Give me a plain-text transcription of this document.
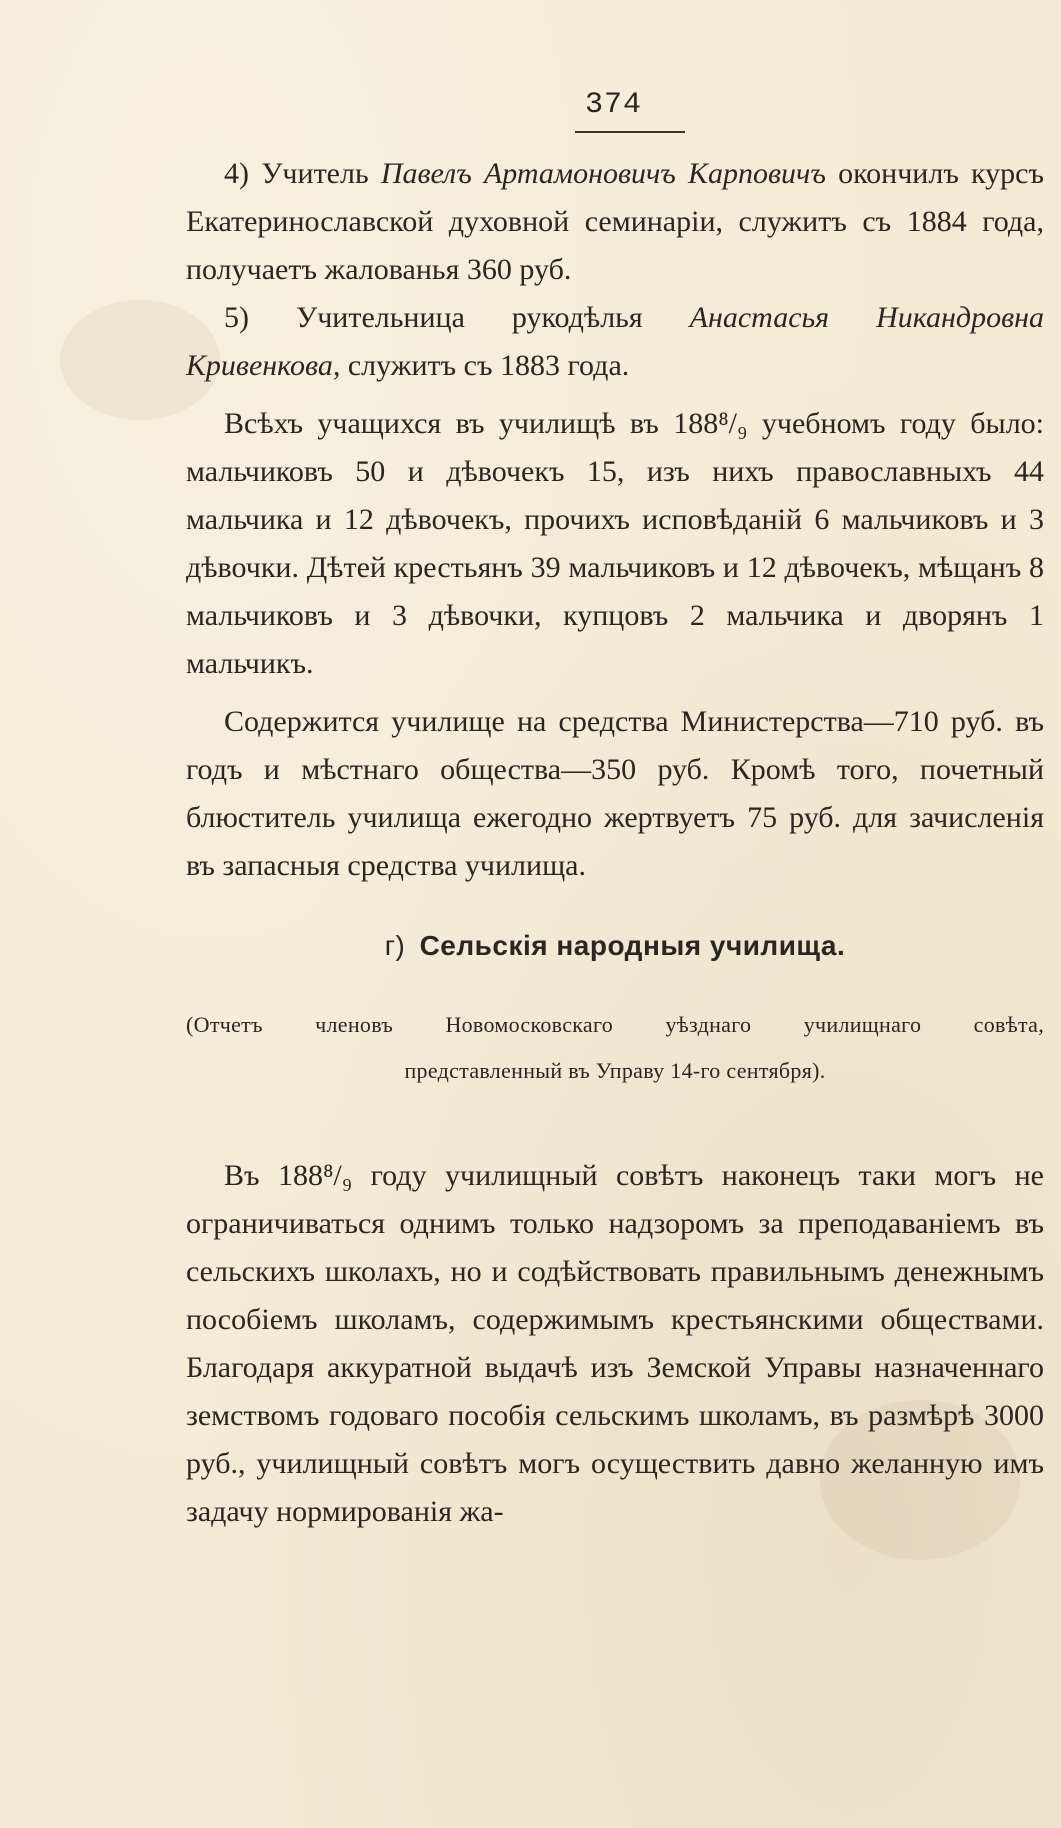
374

4) Учитель Павелъ Артамоновичъ Карповичъ окончилъ курсъ Екатеринославской духовной семинаріи, служитъ съ 1884 года, получаетъ жалованья 360 руб.

5) Учительница рукодѣлья Анастасья Никандровна Кривенкова, служитъ съ 1883 года.

Всѣхъ учащихся въ училищѣ въ 188⁸/₉ учебномъ году было: мальчиковъ 50 и дѣвочекъ 15, изъ нихъ православныхъ 44 мальчика и 12 дѣвочекъ, прочихъ исповѣданій 6 мальчиковъ и 3 дѣвочки. Дѣтей крестьянъ 39 мальчиковъ и 12 дѣвочекъ, мѣщанъ 8 мальчиковъ и 3 дѣвочки, купцовъ 2 мальчика и дворянъ 1 мальчикъ.

Содержится училище на средства Министерства—710 руб. въ годъ и мѣстнаго общества—350 руб. Кромѣ того, почетный блюститель училища ежегодно жертвуетъ 75 руб. для зачисленія въ запасныя средства училища.

г) Сельскія народныя училища.
(Отчетъ членовъ Новомосковскаго уѣзднаго училищнаго совѣта,
представленный въ Управу 14-го сентября).

Въ 188⁸/₉ году училищный совѣтъ наконецъ таки могъ не ограничиваться однимъ только надзоромъ за преподаваніемъ въ сельскихъ школахъ, но и содѣйствовать правильнымъ денежнымъ пособіемъ школамъ, содержимымъ крестьянскими обществами. Благодаря аккуратной выдачѣ изъ Земской Управы назначеннаго земствомъ годоваго пособія сельскимъ школамъ, въ размѣрѣ 3000 руб., училищный совѣтъ могъ осуществить давно желанную имъ задачу нормированія жа-
